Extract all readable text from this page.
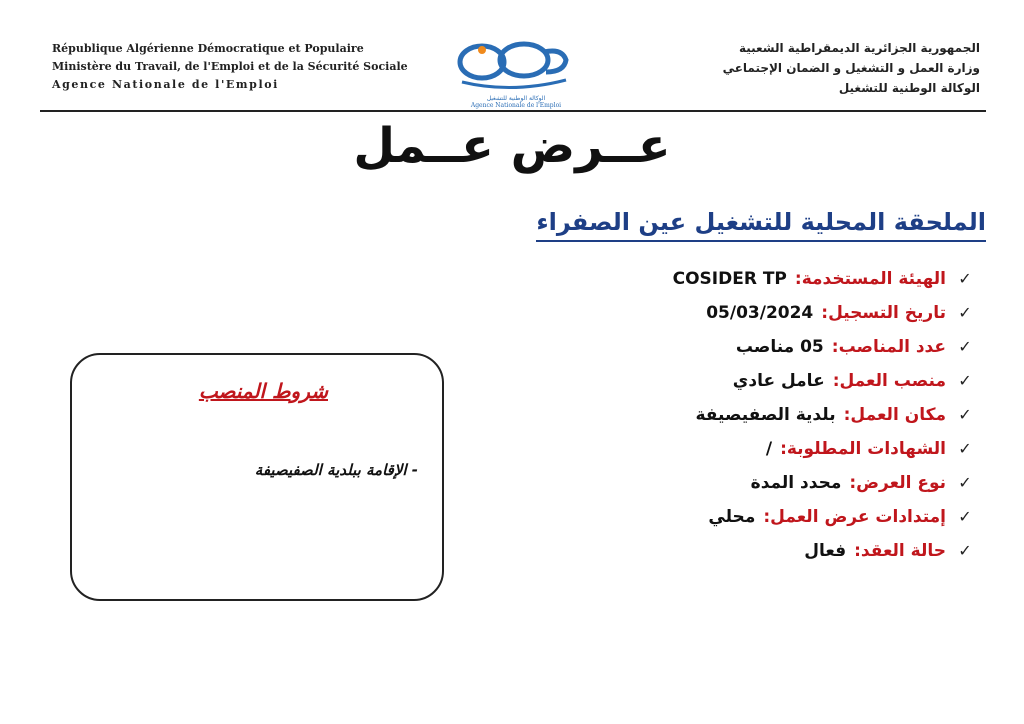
République Algérienne Démocratique et Populaire
Ministère du Travail, de l'Emploi et de la Sécurité Sociale
Agence Nationale de l'Emploi
الوكالة الوطنية للتشغيل
Agence Nationale de l'Emploi
الجمهورية الجزائرية الديمقراطية الشعبية
وزارة العمل و التشغيل و الضمان الإجتماعي
الوكالة الوطنية للتشغيل
عــرض عــمل
الملحقة المحلية للتشغيل عين الصفراء
✓الهيئة المستخدمة:COSIDER TP
✓تاريخ التسجيل:05/03/2024
✓عدد المناصب:05 مناصب
✓منصب العمل:عامل عادي
✓مكان العمل:بلدية الصفيصيفة
✓الشهادات المطلوبة:/
✓نوع العرض:محدد المدة
✓إمتدادات عرض العمل:محلي
✓حالة العقد:فعال
شروط المنصب
- الإقامة ببلدية الصفيصيفة
